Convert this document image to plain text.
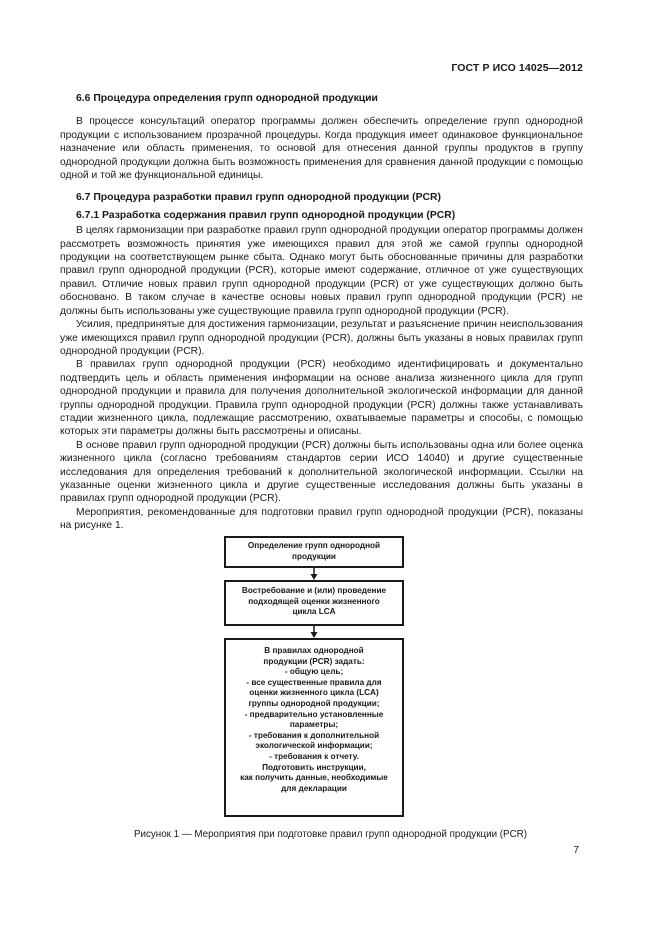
ГОСТ Р ИСО 14025—2012
6.6 Процедура определения групп однородной продукции

В процессе консультаций оператор программы должен обеспечить определение групп однородной продукции с использованием прозрачной процедуры. Когда продукция имеет одинаковое функциональное назначение или область применения, то основой для отнесения данной группы продуктов в группу однородной продукции должна быть возможность применения для сравнения данной продукции с помощью одной и той же функциональной единицы.

6.7 Процедура разработки правил групп однородной продукции (PCR)
6.7.1 Разработка содержания правил групп однородной продукции (PCR)

В целях гармонизации при разработке правил групп однородной продукции оператор программы должен рассмотреть возможность принятия уже имеющихся правил для этой же самой группы однородной продукции на соответствующем рынке сбыта. Однако могут быть обоснованные причины для разработки правил групп однородной продукции (PCR), которые имеют содержание, отличное от уже существующих правил. Отличие новых правил групп однородной продукции (PCR) от уже существующих должно быть обосновано. В таком случае в качестве основы новых правил групп однородной продукции (PCR) не должны быть использованы уже существующие правила групп однородной продукции (PCR).

Усилия, предпринятые для достижения гармонизации, результат и разъяснение причин неиспользования уже имеющихся правил групп однородной продукции (PCR), должны быть указаны в новых правилах групп однородной продукции (PCR).

В правилах групп однородной продукции (PCR) необходимо идентифицировать и документально подтвердить цель и область применения информации на основе анализа жизненного цикла для групп однородной продукции и правила для получения дополнительной экологической информации для данной группы однородной продукции. Правила групп однородной продукции (PCR) должны также устанавливать стадии жизненного цикла, подлежащие рассмотрению, охватываемые параметры и способы, с помощью которых эти параметры должны быть рассмотрены и описаны.

В основе правил групп однородной продукции (PCR) должны быть использованы одна или более оценка жизненного цикла (согласно требованиям стандартов серии ИСО 14040) и другие существенные исследования для определения требований к дополнительной экологической информации. Ссылки на указанные оценки жизненного цикла и другие существенные исследования должны быть указаны в правилах групп однородной продукции (PCR).

Мероприятия, рекомендованные для подготовки правил групп однородной продукции (PCR), показаны на рисунке 1.

Определение групп однородной
продукции
Востребование и (или) проведение
подходящей оценки жизненного
цикла LCA
В правилах однородной
продукции (PCR) задать:
- общую цель;
- все существенные правила для
оценки жизненного цикла (LCA)
группы однородной продукции;
- предварительно установленные
параметры;
- требования к дополнительной
экологической информации;
- требования к отчету.
Подготовить инструкции,
как получить данные, необходимые
для декларации
Рисунок 1 — Мероприятия при подготовке правил групп однородной продукции (PCR)
7
